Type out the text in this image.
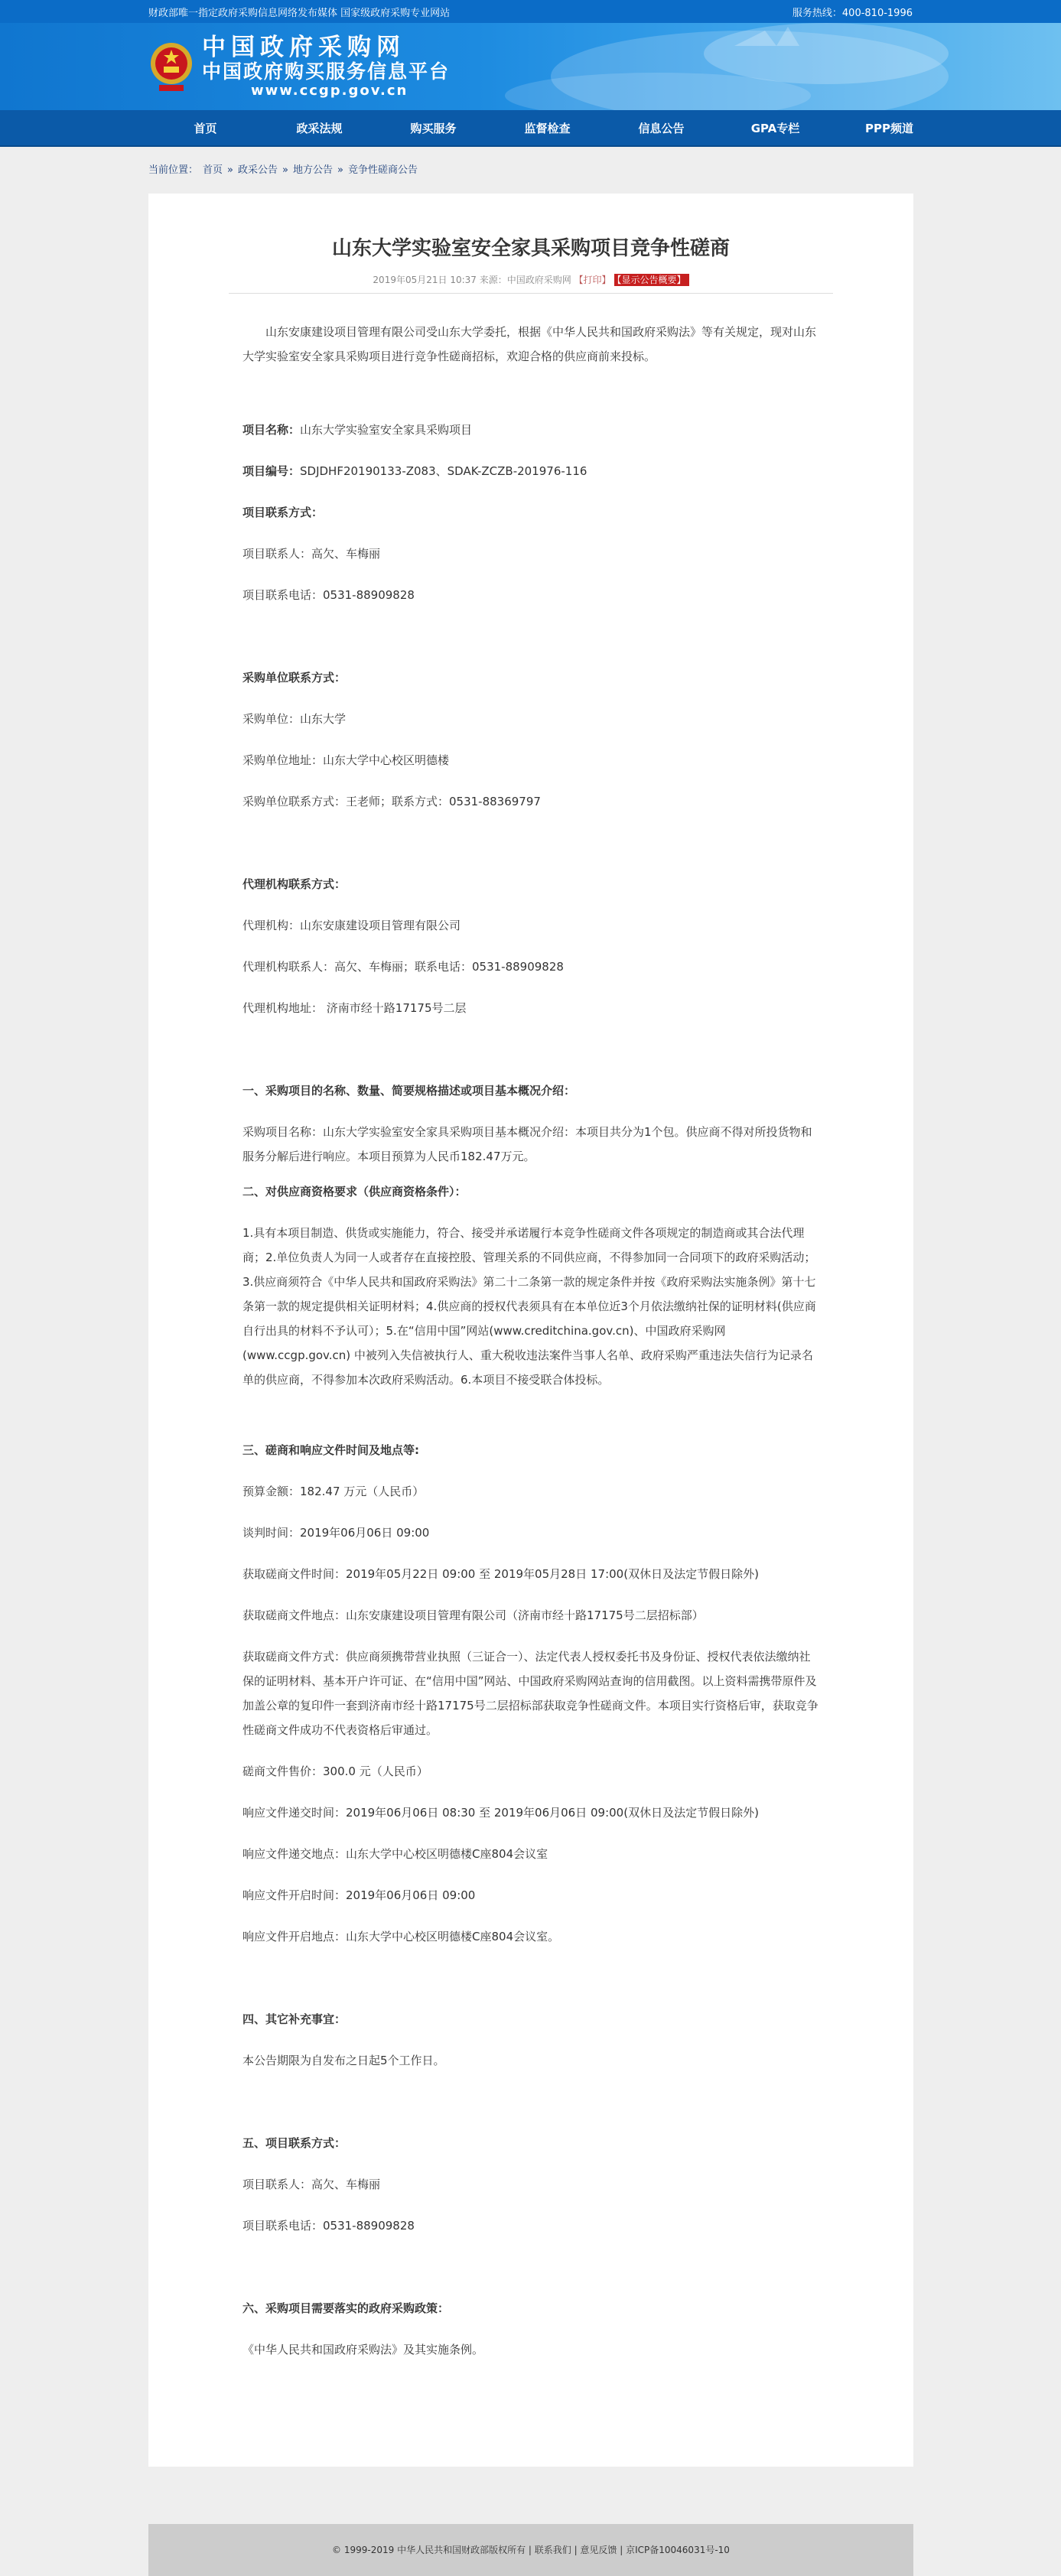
财政部唯一指定政府采购信息网络发布媒体 国家级政府采购专业网站	服务热线：400-810-1996
中国政府采购网
中国政府购买服务信息平台
www.ccgp.gov.cn
首页	政采法规	购买服务	监督检查	信息公告	GPA专栏	PPP频道
当前位置： 首页 » 政采公告 » 地方公告 » 竞争性磋商公告
山东大学实验室安全家具采购项目竞争性磋商
2019年05月21日 10:37 来源：中国政府采购网 【打印】 【显示公告概要】

山东安康建设项目管理有限公司受山东大学委托，根据《中华人民共和国政府采购法》等有关规定，现对山东大学实验室安全家具采购项目进行竞争性磋商招标，欢迎合格的供应商前来投标。

项目名称：山东大学实验室安全家具采购项目

项目编号：SDJDHF20190133-Z083、SDAK-ZCZB-201976-116

项目联系方式：

项目联系人：高欠、车梅丽

项目联系电话：0531-88909828

采购单位联系方式：

采购单位：山东大学

采购单位地址：山东大学中心校区明德楼

采购单位联系方式：王老师；联系方式：0531-88369797

代理机构联系方式：

代理机构：山东安康建设项目管理有限公司

代理机构联系人：高欠、车梅丽；联系电话：0531-88909828

代理机构地址： 济南市经十路17175号二层

一、采购项目的名称、数量、简要规格描述或项目基本概况介绍：

采购项目名称：山东大学实验室安全家具采购项目基本概况介绍：本项目共分为1个包。供应商不得对所投货物和服务分解后进行响应。本项目预算为人民币182.47万元。

二、对供应商资格要求（供应商资格条件）：

1.具有本项目制造、供货或实施能力，符合、接受并承诺履行本竞争性磋商文件各项规定的制造商或其合法代理商；2.单位负责人为同一人或者存在直接控股、管理关系的不同供应商，不得参加同一合同项下的政府采购活动；3.供应商须符合《中华人民共和国政府采购法》第二十二条第一款的规定条件并按《政府采购法实施条例》第十七条第一款的规定提供相关证明材料；4.供应商的授权代表须具有在本单位近3个月依法缴纳社保的证明材料(供应商自行出具的材料不予认可）；5.在“信用中国”网站(www.creditchina.gov.cn)、中国政府采购网(www.ccgp.gov.cn) 中被列入失信被执行人、重大税收违法案件当事人名单、政府采购严重违法失信行为记录名单的供应商，不得参加本次政府采购活动。6.本项目不接受联合体投标。

三、磋商和响应文件时间及地点等:

预算金额：182.47 万元（人民币）

谈判时间：2019年06月06日 09:00

获取磋商文件时间：2019年05月22日 09:00 至 2019年05月28日 17:00(双休日及法定节假日除外)

获取磋商文件地点：山东安康建设项目管理有限公司（济南市经十路17175号二层招标部）

获取磋商文件方式：供应商须携带营业执照（三证合一）、法定代表人授权委托书及身份证、授权代表依法缴纳社保的证明材料、基本开户许可证、在“信用中国”网站、中国政府采购网站查询的信用截图。以上资料需携带原件及加盖公章的复印件一套到济南市经十路17175号二层招标部获取竞争性磋商文件。本项目实行资格后审，获取竞争性磋商文件成功不代表资格后审通过。

磋商文件售价：300.0 元（人民币）

响应文件递交时间：2019年06月06日 08:30 至 2019年06月06日 09:00(双休日及法定节假日除外)

响应文件递交地点：山东大学中心校区明德楼C座804会议室

响应文件开启时间：2019年06月06日 09:00

响应文件开启地点：山东大学中心校区明德楼C座804会议室。

四、其它补充事宜：

本公告期限为自发布之日起5个工作日。

五、项目联系方式：

项目联系人：高欠、车梅丽

项目联系电话：0531-88909828

六、采购项目需要落实的政府采购政策：

《中华人民共和国政府采购法》及其实施条例。

© 1999-2019 中华人民共和国财政部版权所有 | 联系我们 | 意见反馈 | 京ICP备10046031号-10
